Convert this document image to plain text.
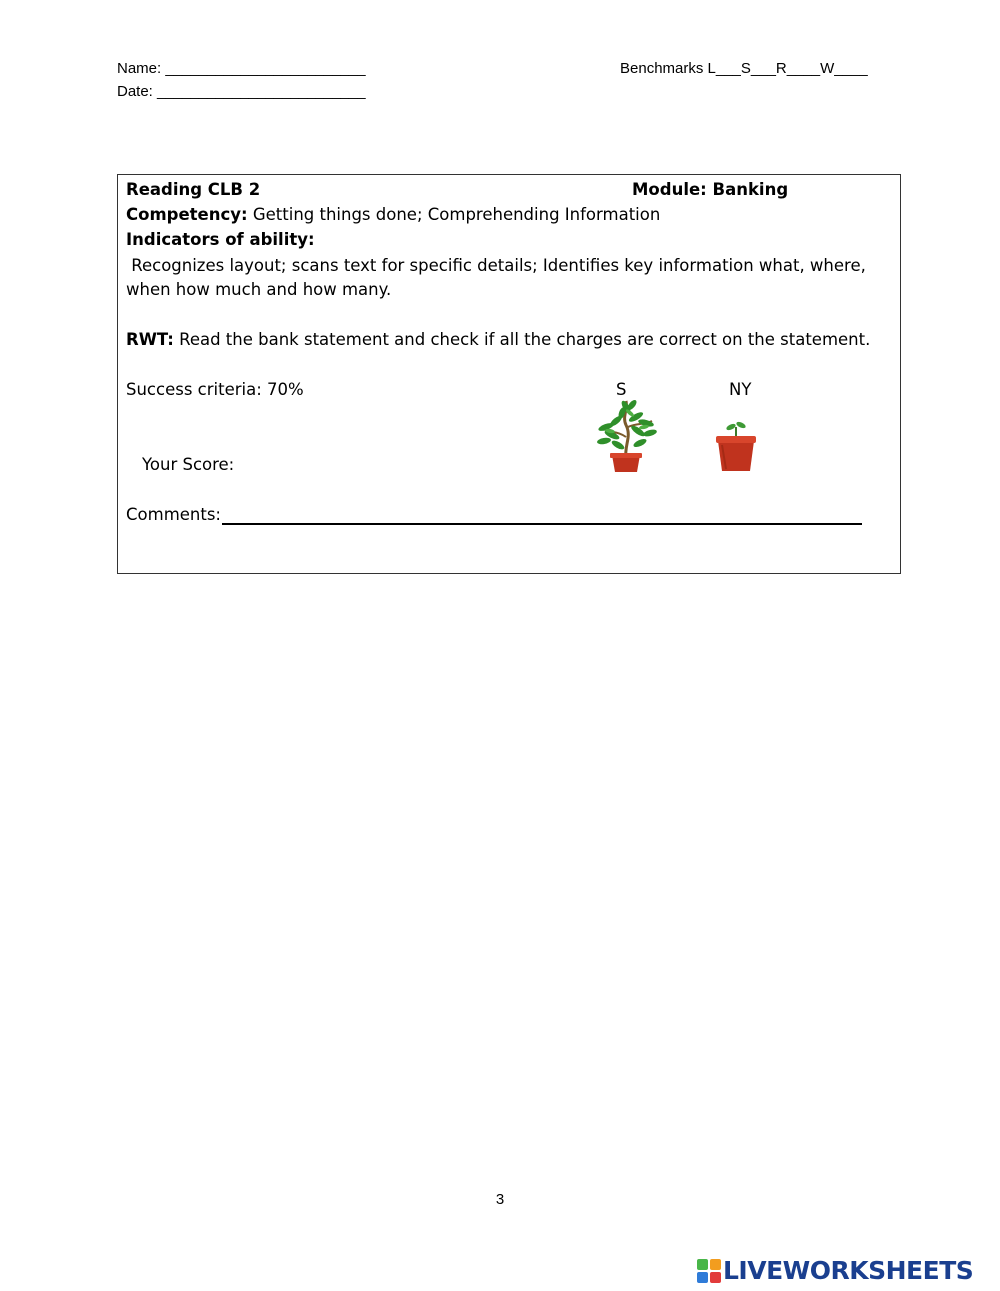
Name: ________________________
Date: _________________________
Benchmarks L___S___R____W____
Reading CLB 2	Module: Banking
Competency: Getting things done; Comprehending Information
Indicators of ability:
Recognizes layout; scans text for specific details; Identifies key information what, where,
when how much and how many.
RWT: Read the bank statement and check if all the charges are correct on the statement.
Success criteria: 70%	S	NY
Your Score:
Comments:
3
LIVEWORKSHEETS
